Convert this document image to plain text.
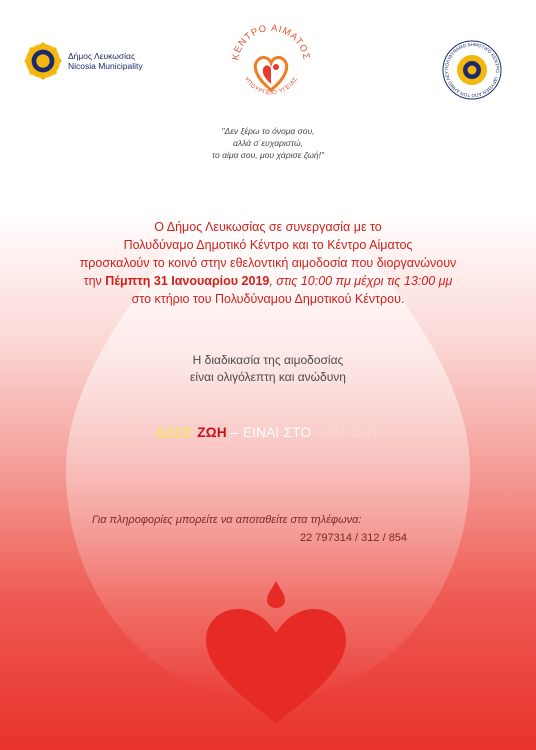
Δήμος Λευκωσίας
Nicosia Municipality
ΚΕΝΤΡΟ ΑΙΜΑΤΟΣ
ΥΠΟΥΡΓΕΙΟ ΥΓΕΙΑΣ
ΠΟΛΥΔΥΝΑΜΟ ΔΗΜΟΤΙΚΟ ΚΕΝΤΡΟ · ΙΔΡΥΘΕΝ ΑΠΟ ΤΟΝ ΔΗΜΟ ΛΕΥ
"Δεν ξέρω το όνομα σου,
αλλά σ΄ευχαριστώ,
το αίμα σου, μου χάρισε ζωή!"
Ο Δήμος Λευκωσίας σε συνεργασία με το
Πολυδύναμο Δημοτικό Κέντρο και το Κέντρο Αίματος
προσκαλούν το κοινό στην εθελοντική αιμοδοσία που διοργανώνουν
την Πέμπτη 31 Ιανουαρίου 2019, στις 10:00 πμ μέχρι τις 13:00 μμ
στο κτήριο του Πολυδύναμου Δημοτικού Κέντρου.
Η διαδικασία της αιμοδοσίας
είναι ολιγόλεπτη και ανώδυνη
ΔΩΣΕ ΖΩΗ – ΕΙΝΑΙ ΣΤΟ ΑΙΜΑ ΣΟΥ
Για πληροφορίες μπορείτε να αποταθείτε στα τηλέφωνα:
22 797314 / 312 / 854
